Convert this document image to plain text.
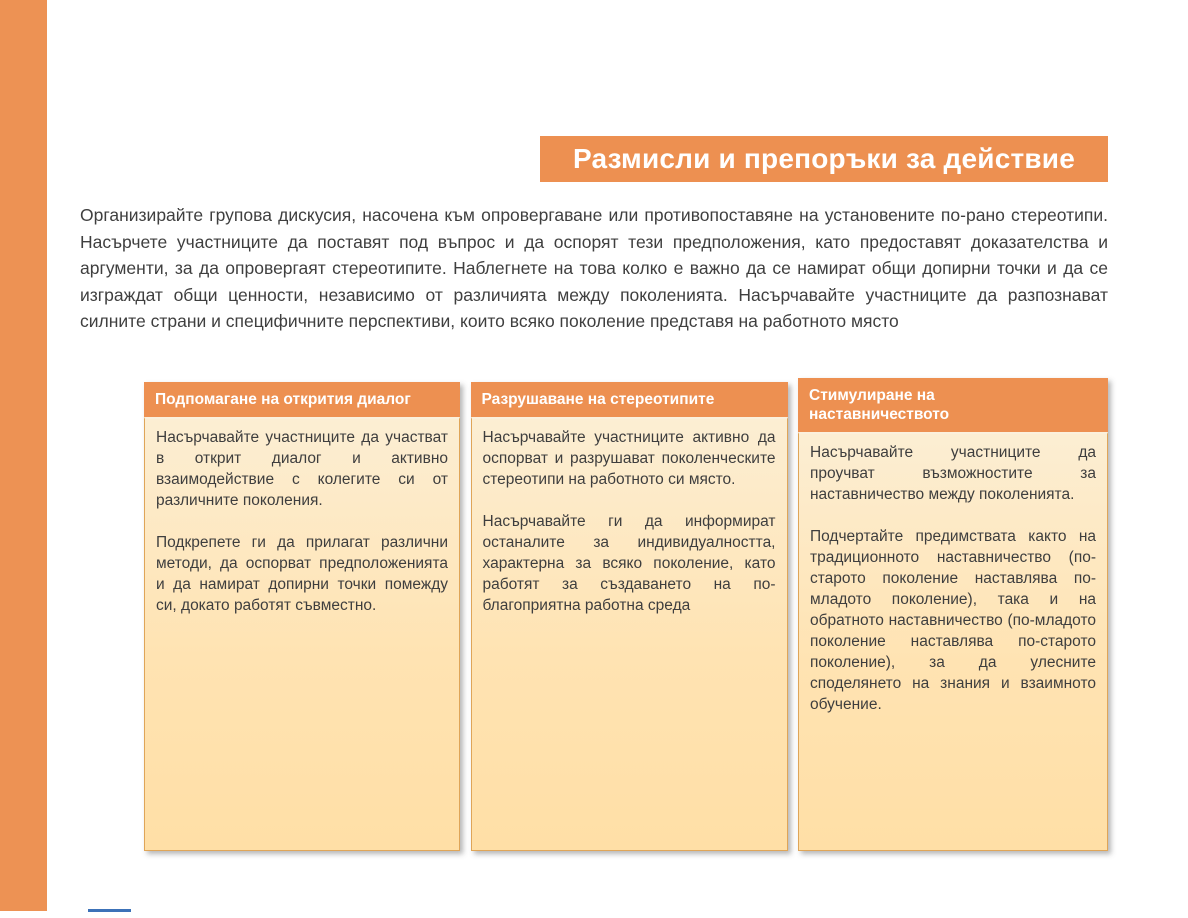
Размисли и препоръки за действие

Организирайте групова дискусия, насочена към опровергаване или противопоставяне на установените по-рано стереотипи. Насърчете участниците да поставят под въпрос и да оспорят тези предположения, като предоставят доказателства и аргументи, за да опровергаят стереотипите. Наблегнете на това колко е важно да се намират общи допирни точки и да се изграждат общи ценности, независимо от различията между поколенията. Насърчавайте участниците да разпознават силните страни и специфичните перспективи, които всяко поколение представя на работното място

Подпомагане на открития диалог

Насърчавайте участниците да участват в открит диалог и активно взаимодействие с колегите си от различните поколения.

Подкрепете ги да прилагат различни методи, да оспорват предположенията и да намират допирни точки помежду си, докато работят съвместно.

Разрушаване на стереотипите

Насърчавайте участниците активно да оспорват и разрушават поколенческите стереотипи на работното си място.

Насърчавайте ги да информират останалите за индивидуалността, характерна за всяко поколение, като работят за създаването на по-благоприятна работна среда

Стимулиране на наставничеството

Насърчавайте участниците да проучват възможностите за наставничество между поколенията.

Подчертайте предимствата както на традиционното наставничество (по-старото поколение наставлява по-младото поколение), така и на обратното наставничество (по-младото поколение наставлява по-старото поколение), за да улесните споделянето на знания и взаимното обучение.
